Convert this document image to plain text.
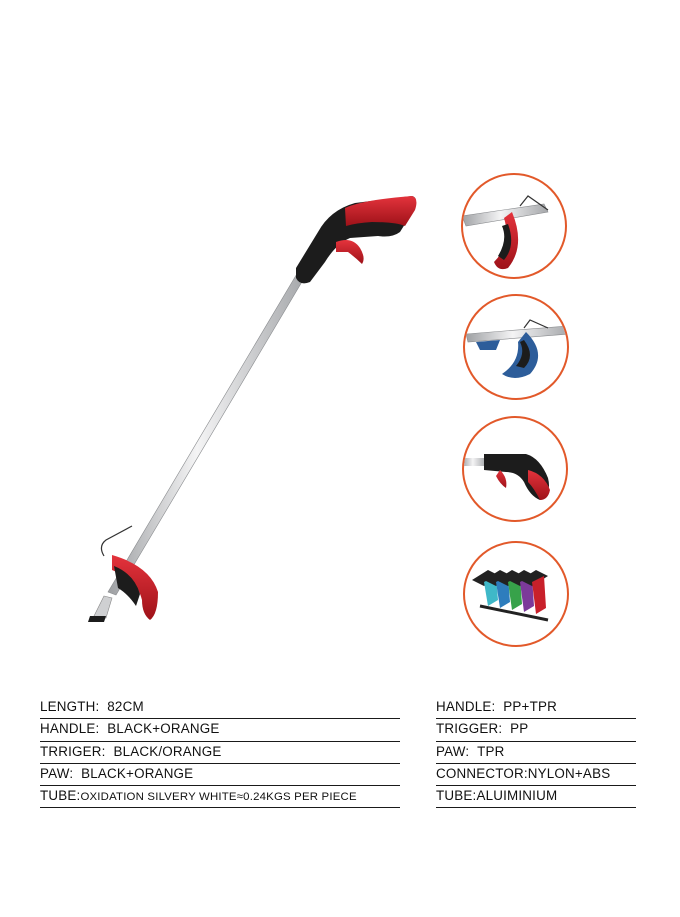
LENGTH: 82CM
HANDLE: BLACK+ORANGE
TRRIGER: BLACK/ORANGE
PAW: BLACK+ORANGE
TUBE:OXIDATION SILVERY WHITE≈0.24KGS PER PIECE
HANDLE: PP+TPR
TRIGGER: PP
PAW: TPR
CONNECTOR:NYLON+ABS
TUBE:ALUIMINIUM
